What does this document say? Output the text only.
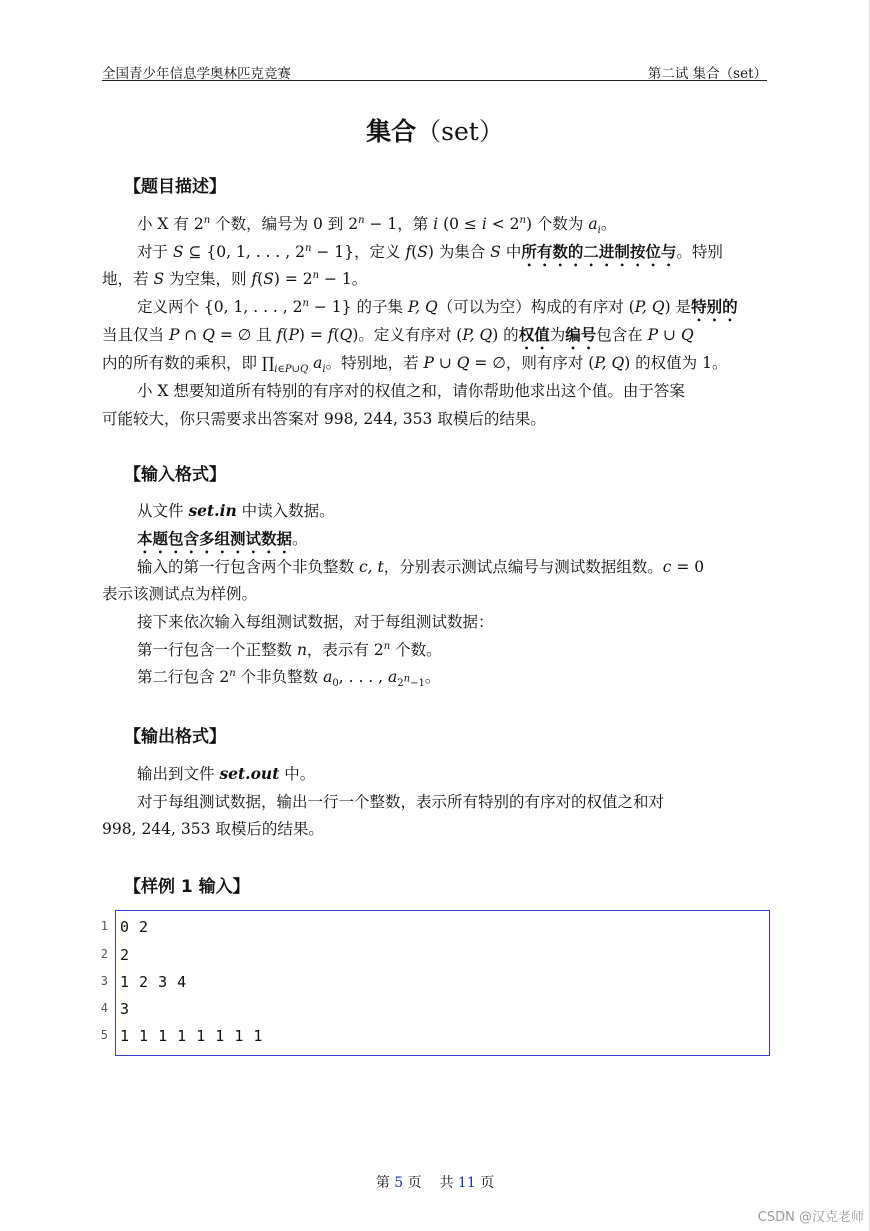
全国青少年信息学奥林匹克竞赛	第二试 集合（set）
集合（set）
【题目描述】
小 X 有 2$^n$ 个数，编号为 0 到 $2^n - 1$，第 i $(0 \le i < 2^n)$ 个数为 $a_i$。
对于 S ⊆ {0, 1, . . . , $2^n - 1$}，定义 f(S) 为集合 S 中所有数的二进制按位与。特别
地，若 S 为空集，则 $f(S) = 2^n - 1$。
定义两个 {0, 1, . . . , $2^n - 1$} 的子集 P, Q（可以为空）构成的有序对 (P, Q) 是特别的
当且仅当 P ∩ Q = ∅ 且 f(P) = f(Q)。定义有序对 (P, Q) 的权值为编号包含在 P ∪ Q
内的所有数的乘积，即 $\prod_{i\in P\cup Q}$ $a_i$。特别地，若 P ∪ Q = ∅，则有序对 (P, Q) 的权值为 1。
小 X 想要知道所有特别的有序对的权值之和，请你帮助他求出这个值。由于答案
可能较大，你只需要求出答案对 998, 244, 353 取模后的结果。
【输入格式】
从文件 set.in 中读入数据。
本题包含多组测试数据。
输入的第一行包含两个非负整数 c, t，分别表示测试点编号与测试数据组数。c = 0
表示该测试点为样例。
接下来依次输入每组测试数据，对于每组测试数据：
第一行包含一个正整数 n，表示有 2$^n$ 个数。
第二行包含 2$^n$ 个非负整数 $a_0$, . . . , $a_{2^n-1}$。
【输出格式】
输出到文件 set.out 中。
对于每组测试数据，输出一行一个整数，表示所有特别的有序对的权值之和对
998, 244, 353 取模后的结果。
【样例 1 输入】
1 0 2
2 2
3 1 2 3 4
4 3
5 1 1 1 1 1 1 1 1
第 5 页    共 11 页
CSDN @汉克老师
